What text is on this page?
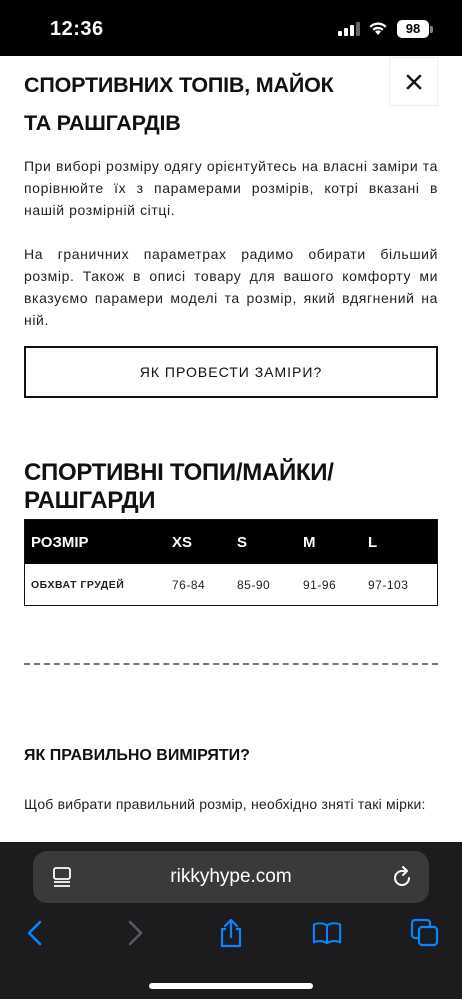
12:36	98
СПОРТИВНИХ ТОПІВ, МАЙОК ТА РАШГАРДІВ

При виборі розміру одягу орієнтуйтесь на власні заміри та порівнюйте їх з парамерами розмірів, котрі вказані в нашій розмірній сітці.

На граничних параметрах радимо обирати більший розмір. Також в описі товару для вашого комфорту ми вказуємо парамери моделі та розмір, який вдягнений на ній.

ЯК ПРОВЕСТИ ЗАМІРИ?
СПОРТИВНІ ТОПИ/МАЙКИ/РАШГАРДИ
РОЗМІР	XS	S	M	L
ОБХВАТ ГРУДЕЙ	76-84	85-90	91-96	97-103
ЯК ПРАВИЛЬНО ВИМІРЯТИ?

Щоб вибрати правильний розмір, необхідно зняті такі мірки:

rikkyhype.com
